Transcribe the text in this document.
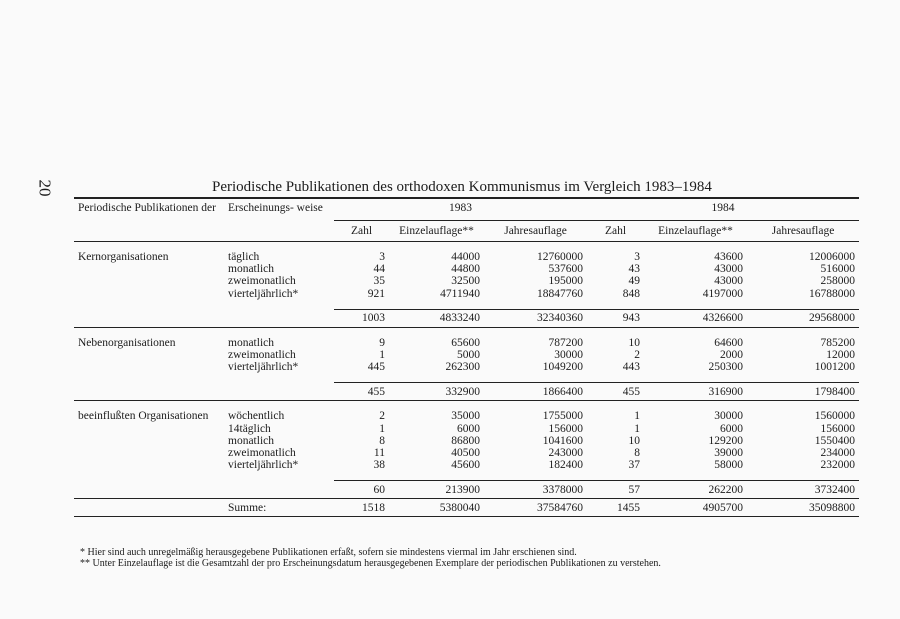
20	Periodische Publikationen des orthodoxen Kommunismus im Vergleich 1983–1984
Periodische Publikationen der	Erscheinungs- weise	1983			1984		
		Zahl	Einzelauflage**	Jahresauflage	Zahl	Einzelauflage**	Jahresauflage

Kernorganisationen	täglich	3	44000	12760000	3	43600	12006000
	monatlich	44	44800	537600	43	43000	516000
	zweimonatlich	35	32500	195000	49	43000	258000
	vierteljährlich*	921	4711940	18847760	848	4197000	16788000

		1003	4833240	32340360	943	4326600	29568000

Nebenorganisationen	monatlich	9	65600	787200	10	64600	785200
	zweimonatlich	1	5000	30000	2	2000	12000
	vierteljährlich*	445	262300	1049200	443	250300	1001200

		455	332900	1866400	455	316900	1798400

beeinflußten Organisationen	wöchentlich	2	35000	1755000	1	30000	1560000
	14täglich	1	6000	156000	1	6000	156000
	monatlich	8	86800	1041600	10	129200	1550400
	zweimonatlich	11	40500	243000	8	39000	234000
	vierteljährlich*	38	45600	182400	37	58000	232000

		60	213900	3378000	57	262200	3732400
	Summe:	1518	5380040	37584760	1455	4905700	35098800
* Hier sind auch unregelmäßig herausgegebene Publikationen erfaßt, sofern sie mindestens viermal im Jahr erschienen sind.
** Unter Einzelauflage ist die Gesamtzahl der pro Erscheinungsdatum herausgegebenen Exemplare der periodischen Publikationen zu verstehen.
